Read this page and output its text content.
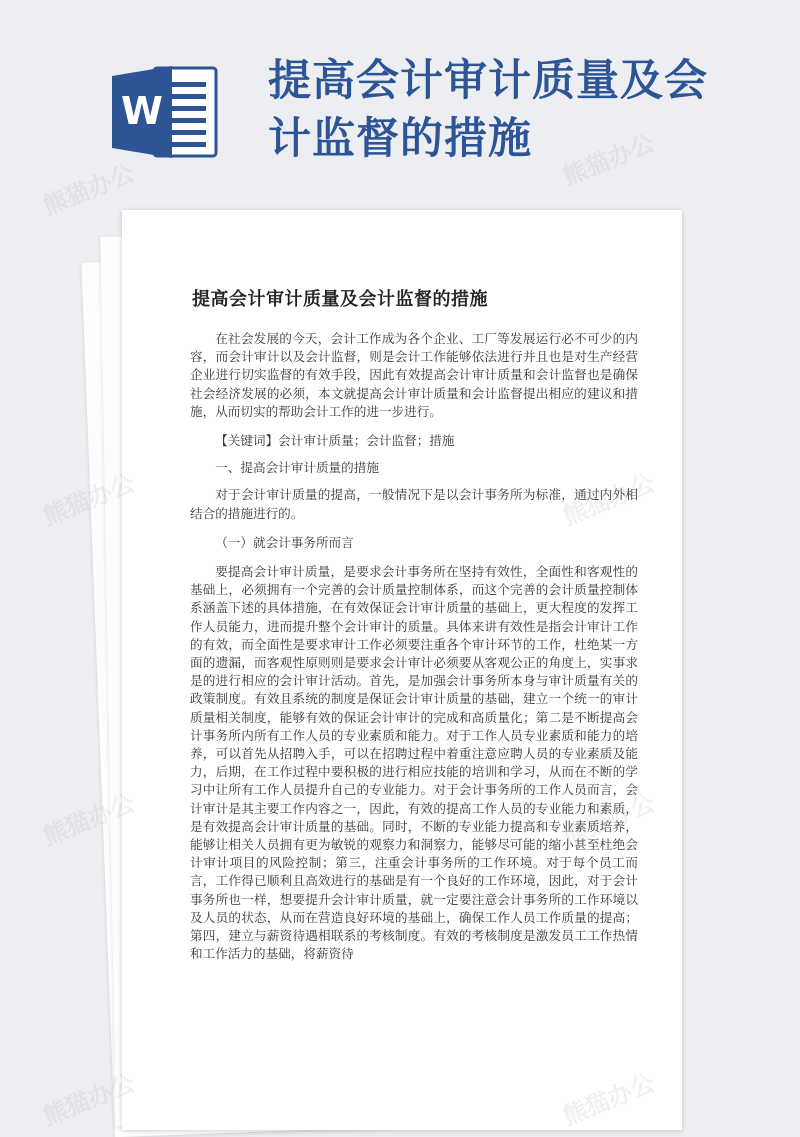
W
提高会计审计质量及会计监督的措施
提高会计审计质量及会计监督的措施

在社会发展的今天，会计工作成为各个企业、工厂等发展运行必不可少的内容，而会计审计以及会计监督，则是会计工作能够依法进行并且也是对生产经营企业进行切实监督的有效手段，因此有效提高会计审计质量和会计监督也是确保社会经济发展的必须，本文就提高会计审计质量和会计监督提出相应的建议和措施，从而切实的帮助会计工作的进一步进行。

【关键词】会计审计质量；会计监督；措施

一、提高会计审计质量的措施

对于会计审计质量的提高，一般情况下是以会计事务所为标准，通过内外相结合的措施进行的。

（一）就会计事务所而言

要提高会计审计质量，是要求会计事务所在坚持有效性，全面性和客观性的基础上，必须拥有一个完善的会计质量控制体系，而这个完善的会计质量控制体系涵盖下述的具体措施，在有效保证会计审计质量的基础上，更大程度的发挥工作人员能力，进而提升整个会计审计的质量。具体来讲有效性是指会计审计工作的有效，而全面性是要求审计工作必须要注重各个审计环节的工作，杜绝某一方面的遗漏，而客观性原则则是要求会计审计必须要从客观公正的角度上，实事求是的进行相应的会计审计活动。首先，是加强会计事务所本身与审计质量有关的政策制度。有效且系统的制度是保证会计审计质量的基础，建立一个统一的审计质量相关制度，能够有效的保证会计审计的完成和高质量化；第二是不断提高会计事务所内所有工作人员的专业素质和能力。对于工作人员专业素质和能力的培养，可以首先从招聘入手，可以在招聘过程中着重注意应聘人员的专业素质及能力，后期，在工作过程中要积极的进行相应技能的培训和学习，从而在不断的学习中让所有工作人员提升自己的专业能力。对于会计事务所的工作人员而言，会计审计是其主要工作内容之一，因此，有效的提高工作人员的专业能力和素质，是有效提高会计审计质量的基础。同时，不断的专业能力提高和专业素质培养，能够让相关人员拥有更为敏锐的观察力和洞察力，能够尽可能的缩小甚至杜绝会计审计项目的风险控制；第三，注重会计事务所的工作环境。对于每个员工而言，工作得已顺利且高效进行的基础是有一个良好的工作环境，因此，对于会计事务所也一样，想要提升会计审计质量，就一定要注意会计事务所的工作环境以及人员的状态，从而在营造良好环境的基础上，确保工作人员工作质量的提高；第四，建立与薪资待遇相联系的考核制度。有效的考核制度是激发员工工作热情和工作活力的基础，将薪资待

熊猫办公	熊猫办公
熊猫办公
熊猫办公
熊猫办公
